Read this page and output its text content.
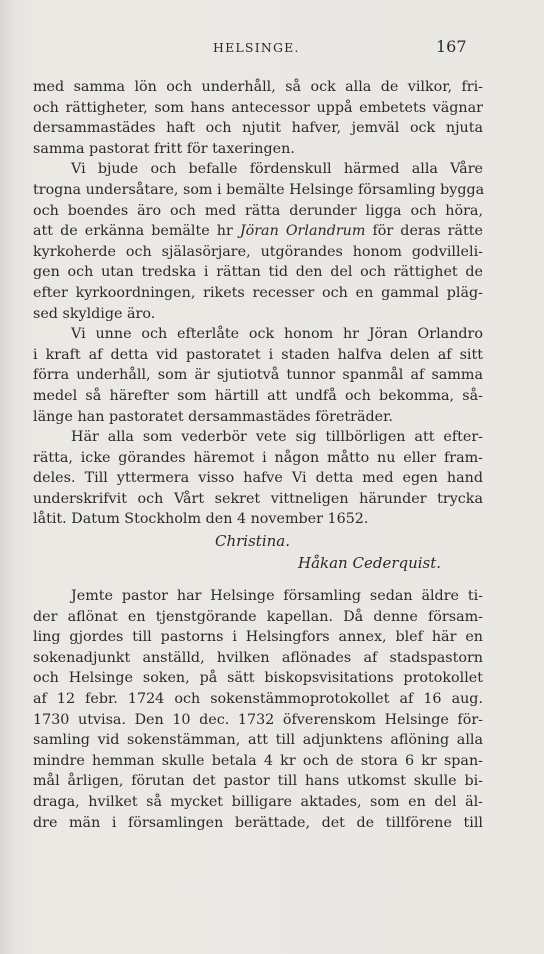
HELSINGE.	167
med samma lön och underhåll, så ock alla de vilkor, fri-
och rättigheter, som hans antecessor uppå embetets vägnar
dersammastädes haft och njutit hafver, jemväl ock njuta
samma pastorat fritt för taxeringen.
Vi bjude och befalle fördenskull härmed alla Våre
trogna undersåtare, som i bemälte Helsinge församling bygga
och boendes äro och med rätta derunder ligga och höra,
att de erkänna bemälte hr Jöran Orlandrum för deras rätte
kyrkoherde och själasörjare, utgörandes honom godvilleli-
gen och utan tredska i rättan tid den del och rättighet de
efter kyrkoordningen, rikets recesser och en gammal pläg-
sed skyldige äro.
Vi unne och efterlåte ock honom hr Jöran Orlandro
i kraft af detta vid pastoratet i staden halfva delen af sitt
förra underhåll, som är sjutiotvå tunnor spanmål af samma
medel så härefter som härtill att undfå och bekomma, så-
länge han pastoratet dersammastädes företräder.
Här alla som vederbör vete sig tillbörligen att efter-
rätta, icke görandes häremot i någon måtto nu eller fram-
deles. Till yttermera visso hafve Vi detta med egen hand
underskrifvit och Vårt sekret vittneligen härunder trycka
låtit. Datum Stockholm den 4 november 1652.
Christina.
Håkan Cederquist.
Jemte pastor har Helsinge församling sedan äldre ti-
der aflönat en tjenstgörande kapellan. Då denne försam-
ling gjordes till pastorns i Helsingfors annex, blef här en
sokenadjunkt anställd, hvilken aflönades af stadspastorn
och Helsinge soken, på sätt biskopsvisitations protokollet
af 12 febr. 1724 och sokenstämmoprotokollet af 16 aug.
1730 utvisa. Den 10 dec. 1732 öfverenskom Helsinge för-
samling vid sokenstämman, att till adjunktens aflöning alla
mindre hemman skulle betala 4 kr och de stora 6 kr span-
mål årligen, förutan det pastor till hans utkomst skulle bi-
draga, hvilket så mycket billigare aktades, som en del äl-
dre män i församlingen berättade, det de tillförene till
